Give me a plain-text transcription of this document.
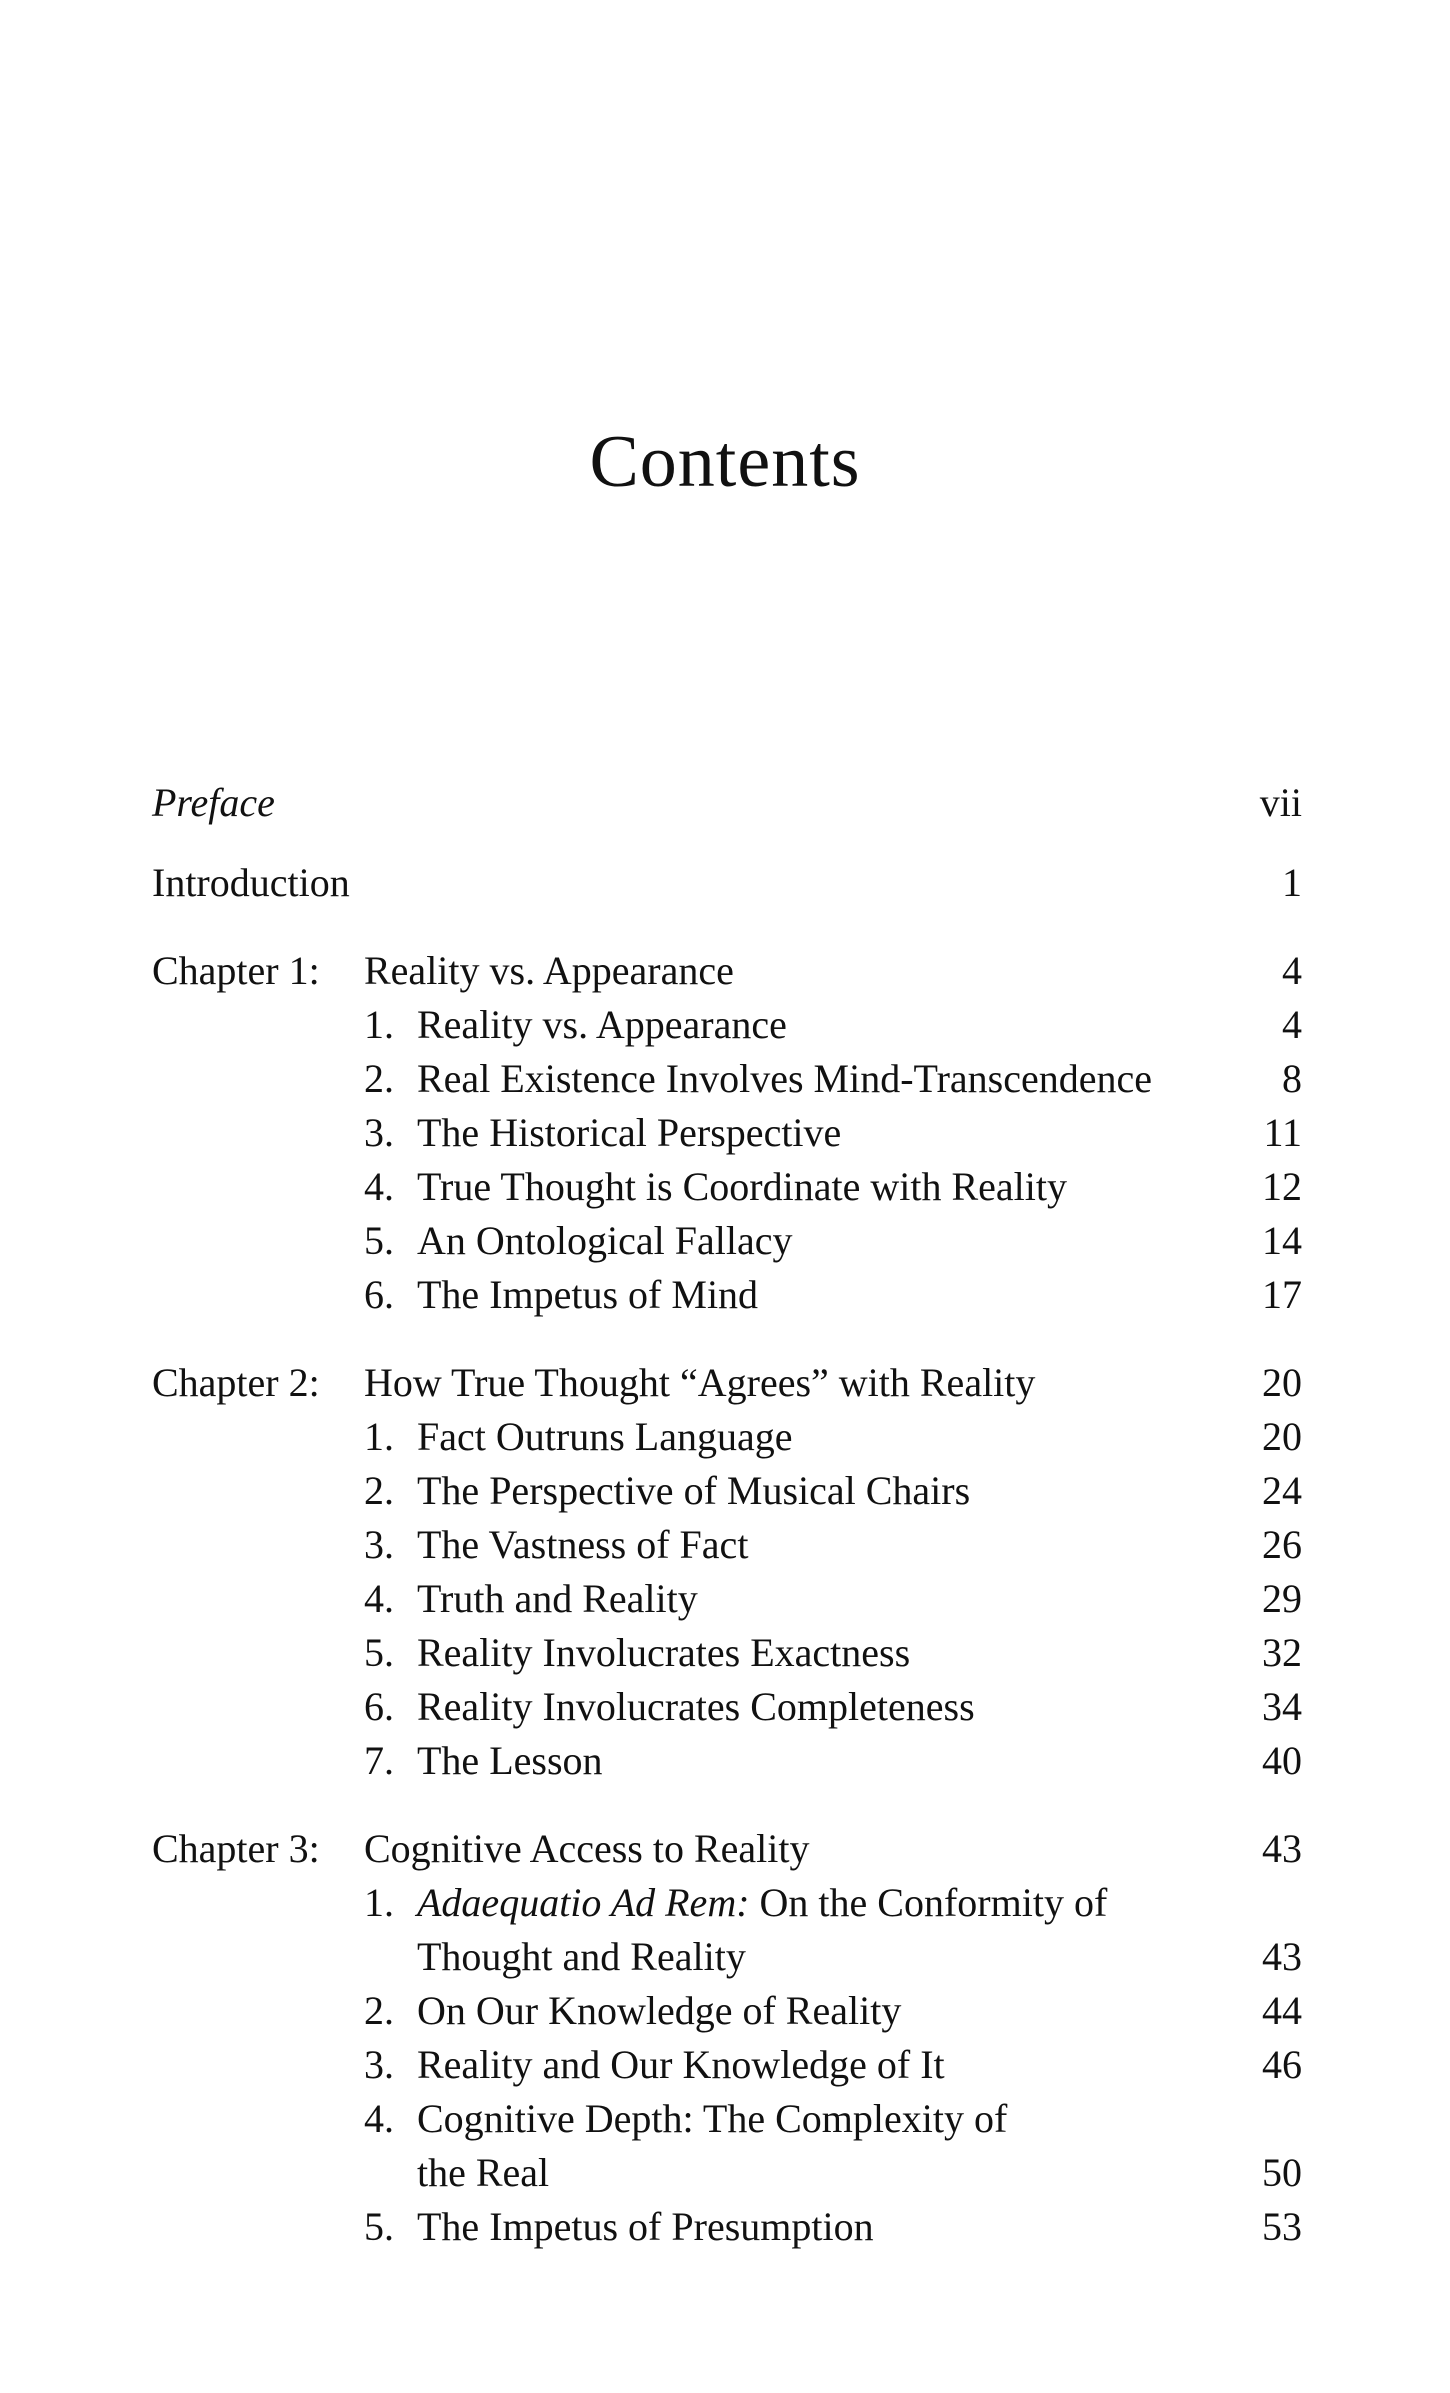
Contents
Preface	vii
Introduction	1
Chapter 1: Reality vs. Appearance	4
1. Reality vs. Appearance	4
2. Real Existence Involves Mind-Transcendence	8
3. The Historical Perspective	11
4. True Thought is Coordinate with Reality	12
5. An Ontological Fallacy	14
6. The Impetus of Mind	17
Chapter 2: How True Thought “Agrees” with Reality	20
1. Fact Outruns Language	20
2. The Perspective of Musical Chairs	24
3. The Vastness of Fact	26
4. Truth and Reality	29
5. Reality Involucrates Exactness	32
6. Reality Involucrates Completeness	34
7. The Lesson	40
Chapter 3: Cognitive Access to Reality	43
1. Adaequatio Ad Rem: On the Conformity of
Thought and Reality	43
2. On Our Knowledge of Reality	44
3. Reality and Our Knowledge of It	46
4. Cognitive Depth: The Complexity of
the Real	50
5. The Impetus of Presumption	53
